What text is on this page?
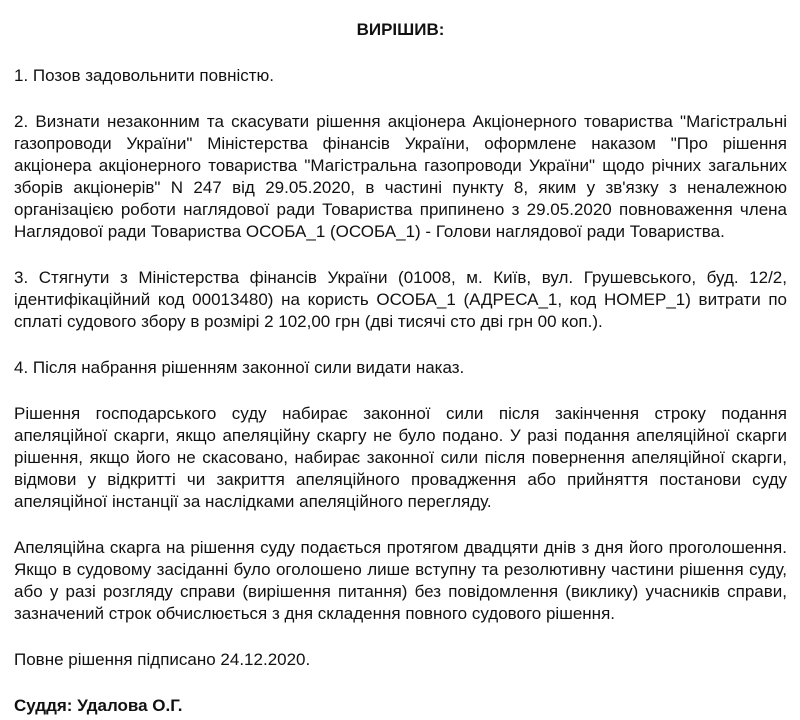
ВИРІШИВ:

1. Позов задовольнити повністю.

2. Визнати незаконним та скасувати рішення акціонера Акціонерного товариства "Магістральні газопроводи України" Міністерства фінансів України, оформлене наказом "Про рішення акціонера акціонерного товариства "Магістральна газопроводи України" щодо річних загальних зборів акціонерів" N 247 від 29.05.2020, в частині пункту 8, яким у зв'язку з неналежною організацією роботи наглядової ради Товариства припинено з 29.05.2020 повноваження члена Наглядової ради Товариства ОСОБА_1 (ОСОБА_1) - Голови наглядової ради Товариства.

3. Стягнути з Міністерства фінансів України (01008, м. Київ, вул. Грушевського, буд. 12/2, ідентифікаційний код 00013480) на користь ОСОБА_1 (АДРЕСА_1, код НОМЕР_1) витрати по сплаті судового збору в розмірі 2 102,00 грн (дві тисячі сто дві грн 00 коп.).

4. Після набрання рішенням законної сили видати наказ.

Рішення господарського суду набирає законної сили після закінчення строку подання апеляційної скарги, якщо апеляційну скаргу не було подано. У разі подання апеляційної скарги рішення, якщо його не скасовано, набирає законної сили після повернення апеляційної скарги, відмови у відкритті чи закриття апеляційного провадження або прийняття постанови суду апеляційної інстанції за наслідками апеляційного перегляду.

Апеляційна скарга на рішення суду подається протягом двадцяти днів з дня його проголошення. Якщо в судовому засіданні було оголошено лише вступну та резолютивну частини рішення суду, або у разі розгляду справи (вирішення питання) без повідомлення (виклику) учасників справи, зазначений строк обчислюється з дня складення повного судового рішення.

Повне рішення підписано 24.12.2020.

Суддя: Удалова О.Г.
